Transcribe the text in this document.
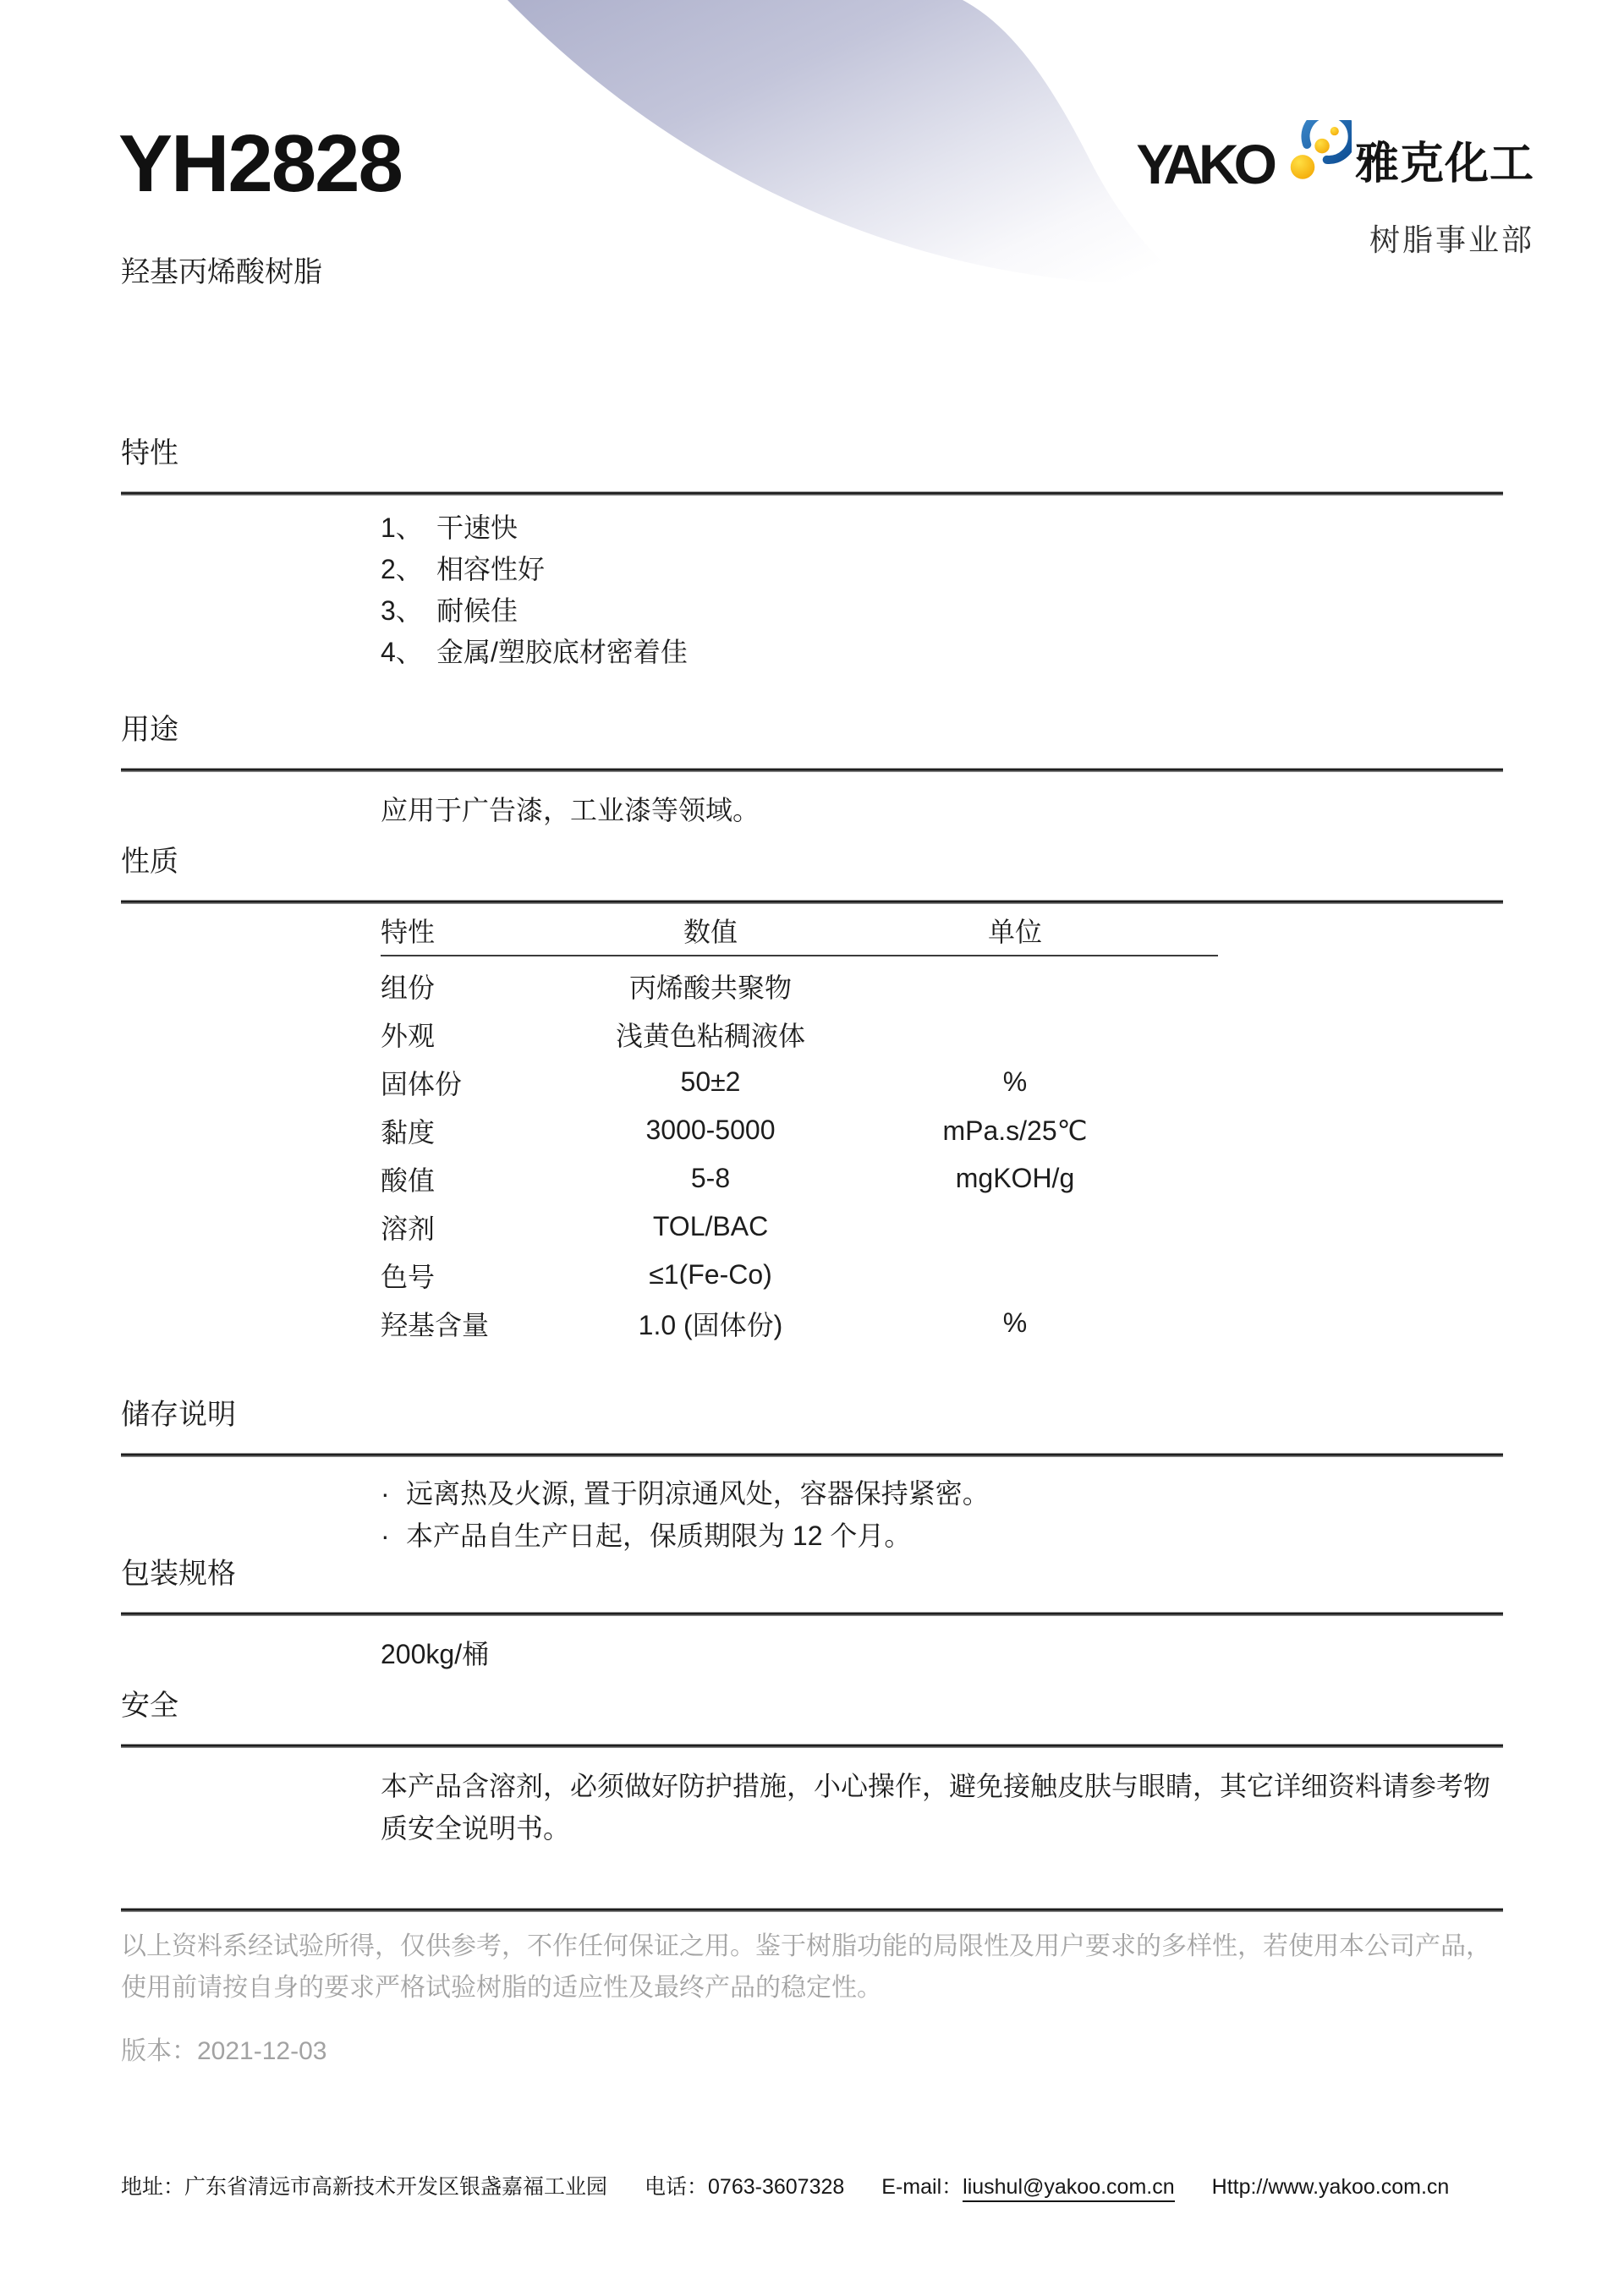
YH2828
羟基丙烯酸树脂
YAKO 雅克化工
树脂事业部
特性
1、 干速快
2、 相容性好
3、 耐候佳
4、 金属/塑胶底材密着佳
用途
应用于广告漆，工业漆等领域。
性质
特性	数值	单位
组份	丙烯酸共聚物
外观	浅黄色粘稠液体
固体份	50±2	%
黏度	3000-5000	mPa.s/25℃
酸值	5-8	mgKOH/g
溶剂	TOL/BAC
色号	≤1(Fe-Co)
羟基含量	1.0 (固体份)	%
储存说明
· 远离热及火源, 置于阴凉通风处，容器保持紧密。
· 本产品自生产日起，保质期限为 12 个月。
包装规格
200kg/桶
安全
本产品含溶剂，必须做好防护措施，小心操作，避免接触皮肤与眼睛，其它详细资料请参考物质安全说明书。
以上资料系经试验所得，仅供参考，不作任何保证之用。鉴于树脂功能的局限性及用户要求的多样性，若使用本公司产品，使用前请按自身的要求严格试验树脂的适应性及最终产品的稳定性。
版本：2021-12-03
地址：广东省清远市高新技术开发区银盏嘉福工业园 电话：0763-3607328 E-mail： liushul@yakoo.com.cn Http://www.yakoo.com.cn
